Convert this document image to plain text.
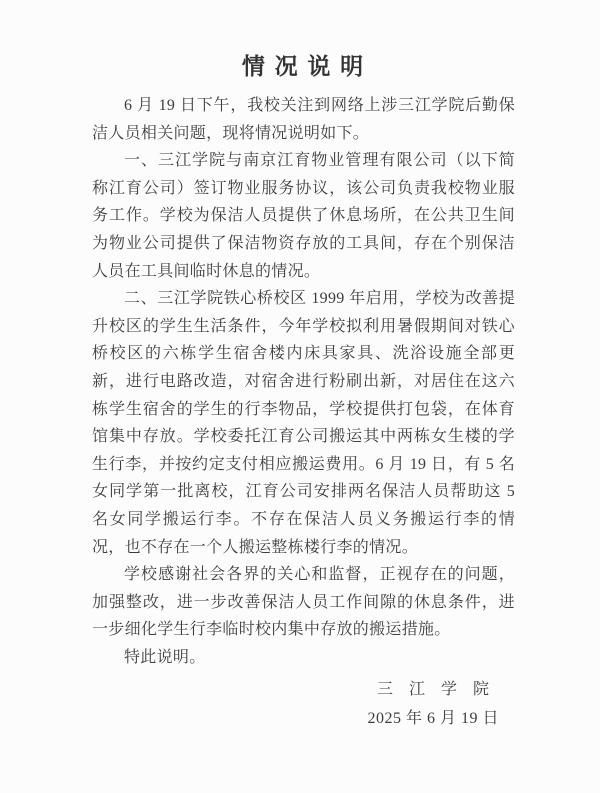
情 况 说 明

6 月 19 日下午，我校关注到网络上涉三江学院后勤保洁人员相关问题，现将情况说明如下。

一、三江学院与南京江育物业管理有限公司（以下简称江育公司）签订物业服务协议，该公司负责我校物业服务工作。学校为保洁人员提供了休息场所，在公共卫生间为物业公司提供了保洁物资存放的工具间，存在个别保洁人员在工具间临时休息的情况。

二、三江学院铁心桥校区 1999 年启用，学校为改善提升校区的学生生活条件，今年学校拟利用暑假期间对铁心桥校区的六栋学生宿舍楼内床具家具、洗浴设施全部更新，进行电路改造，对宿舍进行粉刷出新，对居住在这六栋学生宿舍的学生的行李物品，学校提供打包袋，在体育馆集中存放。学校委托江育公司搬运其中两栋女生楼的学生行李，并按约定支付相应搬运费用。6 月 19 日，有 5 名女同学第一批离校，江育公司安排两名保洁人员帮助这 5 名女同学搬运行李。不存在保洁人员义务搬运行李的情况，也不存在一个人搬运整栋楼行李的情况。

学校感谢社会各界的关心和监督，正视存在的问题，加强整改，进一步改善保洁人员工作间隙的休息条件，进一步细化学生行李临时校内集中存放的搬运措施。

特此说明。

三 江 学 院
2025 年 6 月 19 日
